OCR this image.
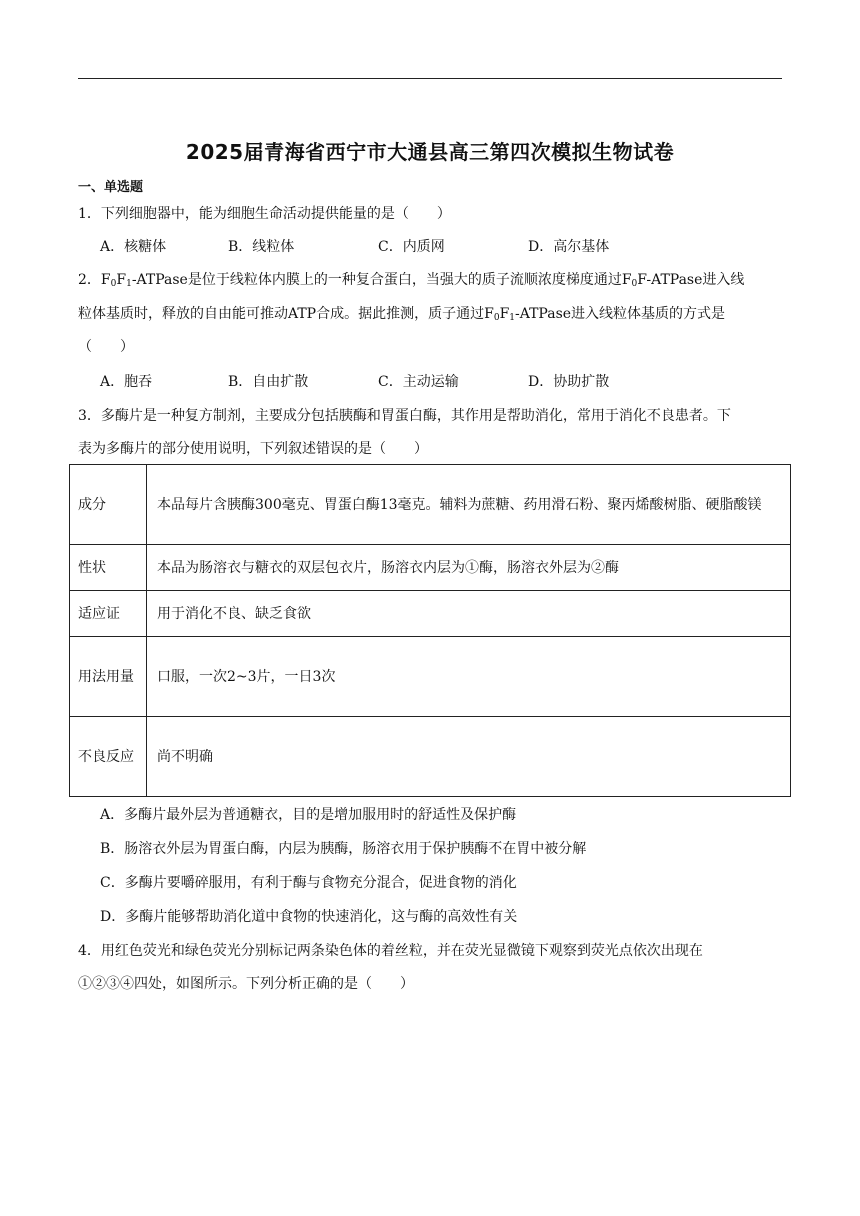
2025届青海省西宁市大通县高三第四次模拟生物试卷
一、单选题
1．下列细胞器中，能为细胞生命活动提供能量的是（　　）
A．核糖体	B．线粒体	C．内质网	D．高尔基体
2．$F_0F_1$-ATPase是位于线粒体内膜上的一种复合蛋白，当强大的质子流顺浓度梯度通过$F_0F$-ATPase进入线
粒体基质时，释放的自由能可推动ATP合成。据此推测，质子通过$F_0F_1$-ATPase进入线粒体基质的方式是
（　　）
A．胞吞	B．自由扩散	C．主动运输	D．协助扩散
3．多酶片是一种复方制剂，主要成分包括胰酶和胃蛋白酶，其作用是帮助消化，常用于消化不良患者。下
表为多酶片的部分使用说明，下列叙述错误的是（　　）
成分	本品每片含胰酶300毫克、胃蛋白酶13毫克。辅料为蔗糖、药用滑石粉、聚丙烯酸树脂、硬脂酸镁
性状	本品为肠溶衣与糖衣的双层包衣片，肠溶衣内层为①酶，肠溶衣外层为②酶
适应证	用于消化不良、缺乏食欲
用法用量	口服，一次2~3片，一日3次
不良反应	尚不明确
A．多酶片最外层为普通糖衣，目的是增加服用时的舒适性及保护酶
B．肠溶衣外层为胃蛋白酶，内层为胰酶，肠溶衣用于保护胰酶不在胃中被分解
C．多酶片要嚼碎服用，有利于酶与食物充分混合，促进食物的消化
D．多酶片能够帮助消化道中食物的快速消化，这与酶的高效性有关
4．用红色荧光和绿色荧光分别标记两条染色体的着丝粒，并在荧光显微镜下观察到荧光点依次出现在
①②③④四处，如图所示。下列分析正确的是（　　）
